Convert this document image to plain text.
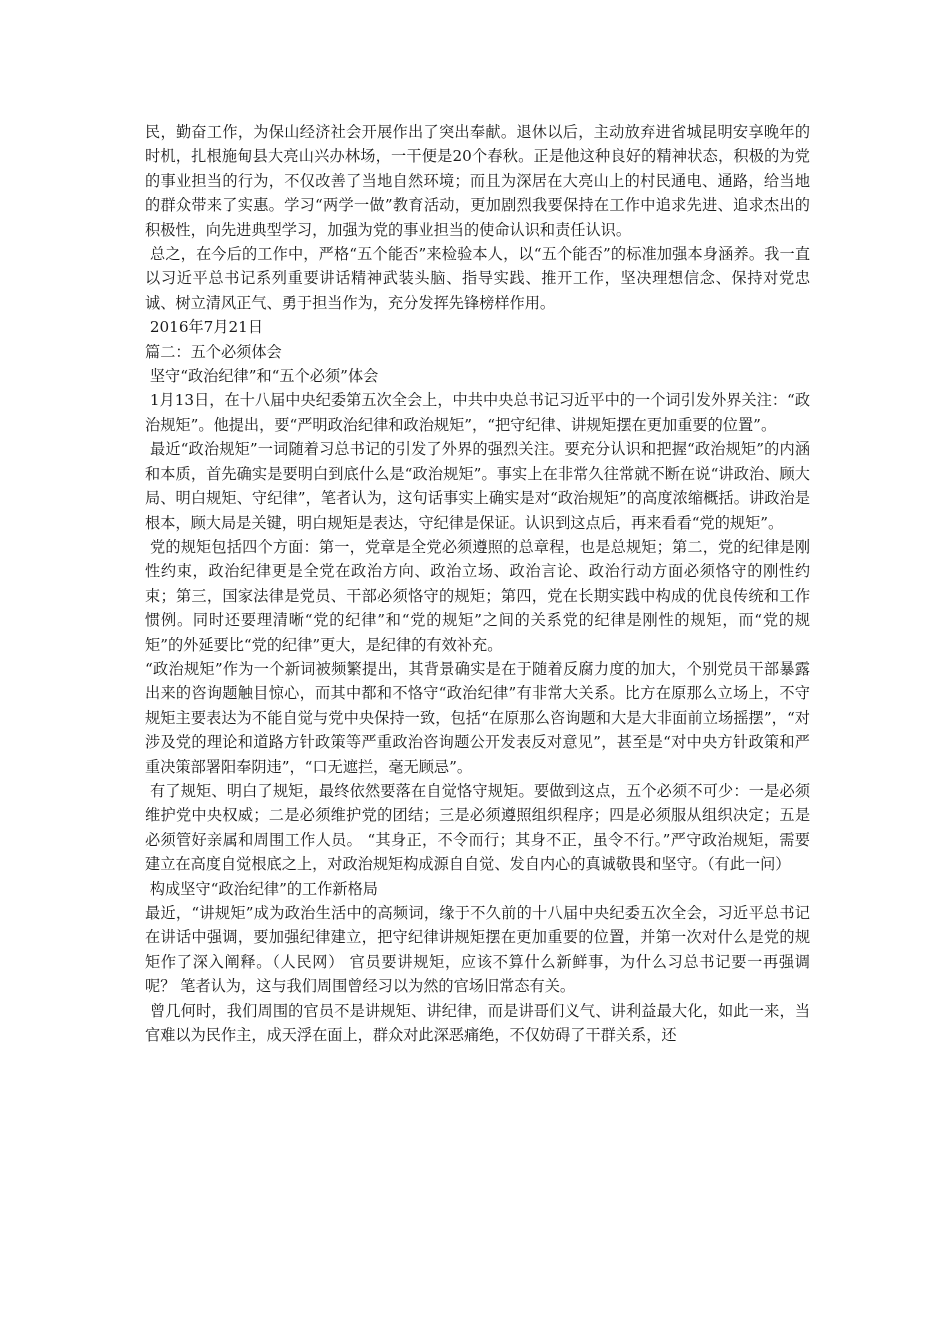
民，勤奋工作，为保山经济社会开展作出了突出奉献。退休以后，主动放弃进省城昆明安享晚年的时机，扎根施甸县大亮山兴办林场，一干便是20个春秋。正是他这种良好的精神状态，积极的为党的事业担当的行为，不仅改善了当地自然环境；而且为深居在大亮山上的村民通电、通路，给当地的群众带来了实惠。学习“两学一做”教育活动，更加剧烈我要保持在工作中追求先进、追求杰出的积极性，向先进典型学习，加强为党的事业担当的使命认识和责任认识。

总之，在今后的工作中，严格“五个能否”来检验本人，以“五个能否”的标准加强本身涵养。我一直以习近平总书记系列重要讲话精神武装头脑、指导实践、推开工作，坚决理想信念、保持对党忠诚、树立清风正气、勇于担当作为，充分发挥先锋榜样作用。

2016年7月21日

篇二：五个必须体会

坚守“政治纪律”和“五个必须”体会

1月13日，在十八届中央纪委第五次全会上，中共中央总书记习近平中的一个词引发外界关注：“政治规矩”。他提出，要“严明政治纪律和政治规矩”，“把守纪律、讲规矩摆在更加重要的位置”。

最近“政治规矩”一词随着习总书记的引发了外界的强烈关注。要充分认识和把握“政治规矩”的内涵和本质，首先确实是要明白到底什么是“政治规矩”。事实上在非常久往常就不断在说“讲政治、顾大局、明白规矩、守纪律”，笔者认为，这句话事实上确实是对“政治规矩”的高度浓缩概括。讲政治是根本，顾大局是关键，明白规矩是表达，守纪律是保证。认识到这点后，再来看看“党的规矩”。

党的规矩包括四个方面：第一，党章是全党必须遵照的总章程，也是总规矩；第二，党的纪律是刚性约束，政治纪律更是全党在政治方向、政治立场、政治言论、政治行动方面必须恪守的刚性约束；第三，国家法律是党员、干部必须恪守的规矩；第四，党在长期实践中构成的优良传统和工作惯例。同时还要理清晰“党的纪律”和“党的规矩”之间的关系党的纪律是刚性的规矩，而“党的规矩”的外延要比“党的纪律”更大，是纪律的有效补充。

“政治规矩”作为一个新词被频繁提出，其背景确实是在于随着反腐力度的加大，个别党员干部暴露出来的咨询题触目惊心，而其中都和不恪守“政治纪律”有非常大关系。比方在原那么立场上，不守规矩主要表达为不能自觉与党中央保持一致，包括“在原那么咨询题和大是大非面前立场摇摆”，“对涉及党的理论和道路方针政策等严重政治咨询题公开发表反对意见”，甚至是“对中央方针政策和严重决策部署阳奉阴违”，“口无遮拦，毫无顾忌”。

有了规矩、明白了规矩，最终依然要落在自觉恪守规矩。要做到这点，五个必须不可少：一是必须维护党中央权威；二是必须维护党的团结；三是必须遵照组织程序；四是必须服从组织决定；五是必须管好亲属和周围工作人员。 “其身正，不令而行；其身不正，虽令不行。”严守政治规矩，需要建立在高度自觉根底之上，对政治规矩构成源自自觉、发自内心的真诚敬畏和坚守。（有此一问）

构成坚守“政治纪律”的工作新格局

最近，“讲规矩”成为政治生活中的高频词，缘于不久前的十八届中央纪委五次全会，习近平总书记在讲话中强调，要加强纪律建立，把守纪律讲规矩摆在更加重要的位置，并第一次对什么是党的规矩作了深入阐释。（人民网） 官员要讲规矩，应该不算什么新鲜事，为什么习总书记要一再强调呢？ 笔者认为，这与我们周围曾经习以为然的官场旧常态有关。

曾几何时，我们周围的官员不是讲规矩、讲纪律，而是讲哥们义气、讲利益最大化，如此一来，当官难以为民作主，成天浮在面上，群众对此深恶痛绝，不仅妨碍了干群关系，还
